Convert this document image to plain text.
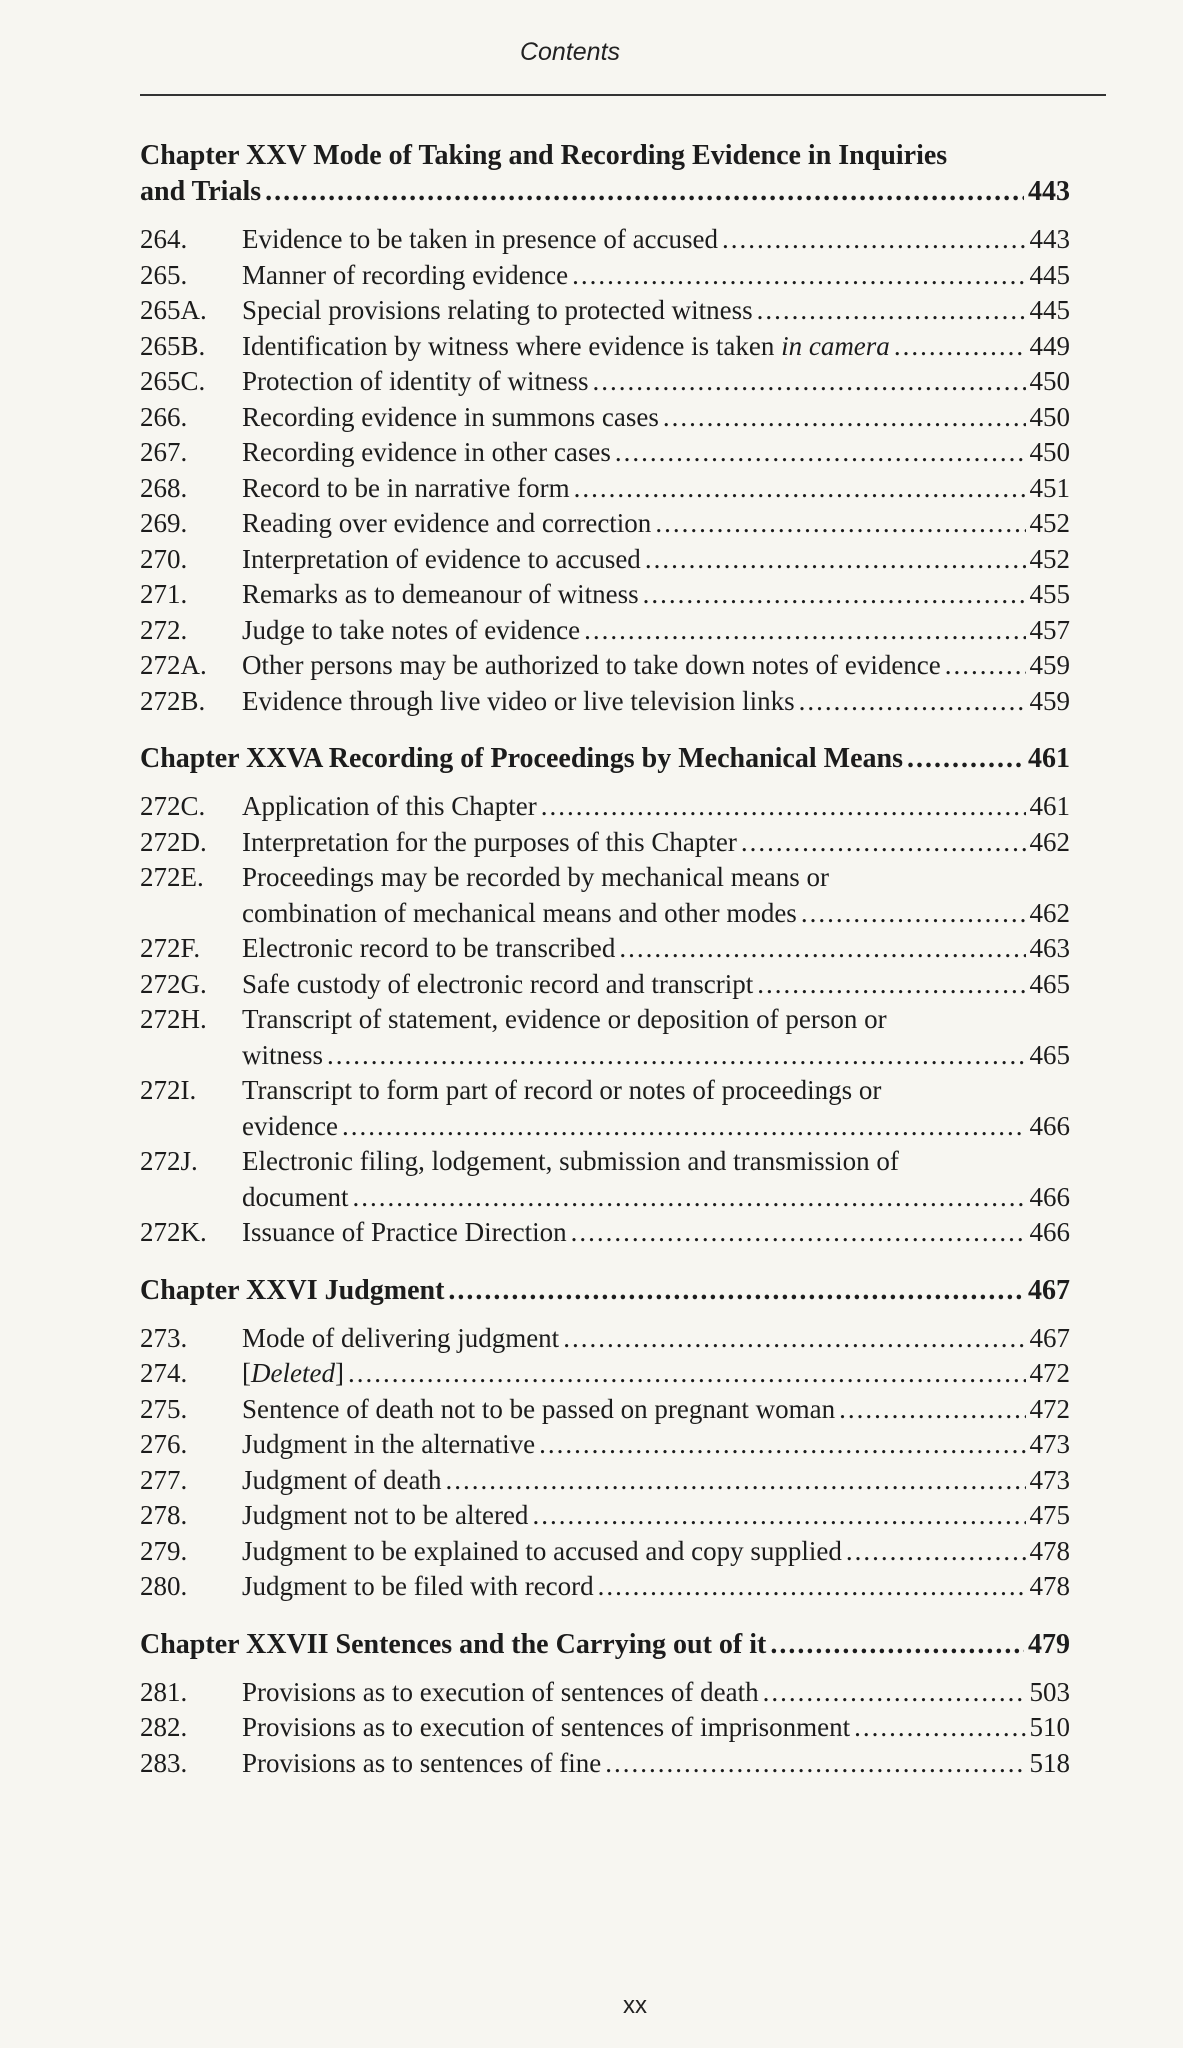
Contents
Chapter XXV Mode of Taking and Recording Evidence in Inquiries
and Trials .....	443
264.	Evidence to be taken in presence of accused .....	443
265.	Manner of recording evidence .....	445
265A.	Special provisions relating to protected witness .....	445
265B.	Identification by witness where evidence is taken in camera .....	449
265C.	Protection of identity of witness .....	450
266.	Recording evidence in summons cases .....	450
267.	Recording evidence in other cases .....	450
268.	Record to be in narrative form .....	451
269.	Reading over evidence and correction .....	452
270.	Interpretation of evidence to accused .....	452
271.	Remarks as to demeanour of witness .....	455
272.	Judge to take notes of evidence .....	457
272A.	Other persons may be authorized to take down notes of evidence .....	459
272B.	Evidence through live video or live television links .....	459
Chapter XXVA Recording of Proceedings by Mechanical Means .....	461
272C.	Application of this Chapter .....	461
272D.	Interpretation for the purposes of this Chapter .....	462
272E.	Proceedings may be recorded by mechanical means or
combination of mechanical means and other modes .....	462
272F.	Electronic record to be transcribed .....	463
272G.	Safe custody of electronic record and transcript .....	465
272H.	Transcript of statement, evidence or deposition of person or
witness .....	465
272I.	Transcript to form part of record or notes of proceedings or
evidence .....	466
272J.	Electronic filing, lodgement, submission and transmission of
document .....	466
272K.	Issuance of Practice Direction .....	466
Chapter XXVI Judgment .....	467
273.	Mode of delivering judgment .....	467
274.	[Deleted] .....	472
275.	Sentence of death not to be passed on pregnant woman .....	472
276.	Judgment in the alternative .....	473
277.	Judgment of death .....	473
278.	Judgment not to be altered .....	475
279.	Judgment to be explained to accused and copy supplied .....	478
280.	Judgment to be filed with record .....	478
Chapter XXVII Sentences and the Carrying out of it .....	479
281.	Provisions as to execution of sentences of death .....	503
282.	Provisions as to execution of sentences of imprisonment .....	510
283.	Provisions as to sentences of fine .....	518
xx
